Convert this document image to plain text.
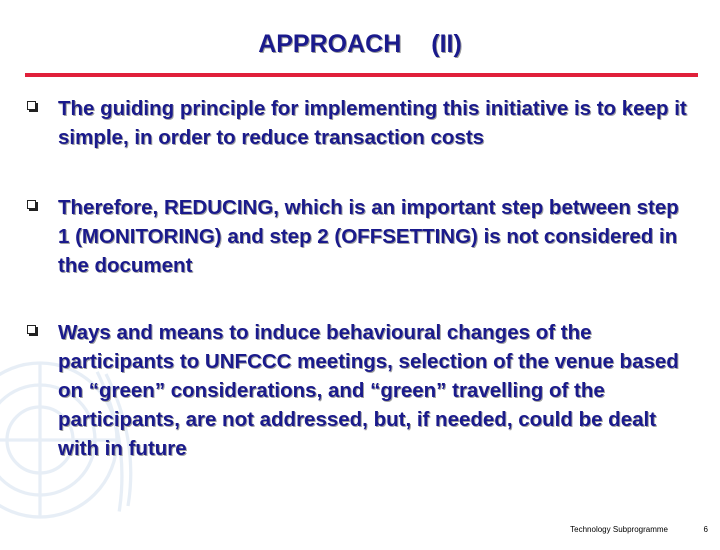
APPROACH (II)
The guiding principle for implementing this initiative is to keep it simple, in order to reduce transaction costs
Therefore, REDUCING, which is an important step between step 1 (MONITORING) and step 2 (OFFSETTING) is not considered in the document
Ways and means to induce behavioural changes of the participants to UNFCCC meetings, selection of the venue based on “green” considerations, and “green” travelling of the participants, are not addressed, but, if needed, could be dealt with in future
Technology Subprogramme	6
